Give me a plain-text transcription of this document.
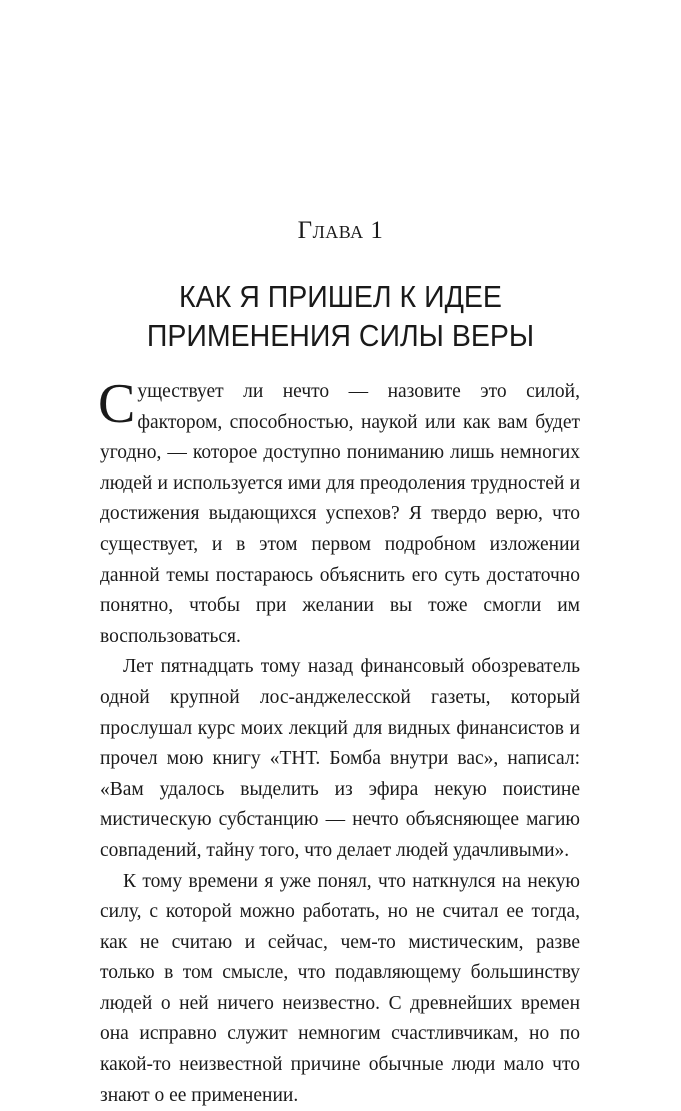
Глава 1
КАК Я ПРИШЕЛ К ИДЕЕ
ПРИМЕНЕНИЯ СИЛЫ ВЕРЫ

Существует ли нечто — назовите это силой, фактором, способностью, наукой или как вам будет угодно, — которое доступно пониманию лишь немногих людей и используется ими для преодоления трудностей и достижения выдающихся успехов? Я твердо верю, что существует, и в этом первом подробном изложении данной темы постараюсь объяснить его суть достаточно понятно, чтобы при желании вы тоже смогли им воспользоваться.

Лет пятнадцать тому назад финансовый обозреватель одной крупной лос-анджелесской газеты, который прослушал курс моих лекций для видных финансистов и прочел мою книгу «ТНТ. Бомба внутри вас», написал: «Вам удалось выделить из эфира некую поистине мистическую субстанцию — нечто объясняющее магию совпадений, тайну того, что делает людей удачливыми».

К тому времени я уже понял, что наткнулся на некую силу, с которой можно работать, но не считал ее тогда, как не считаю и сейчас, чем-то мистическим, разве только в том смысле, что подавляющему большинству людей о ней ничего неизвестно. С древнейших времен она исправно служит немногим счастливчикам, но по какой-то неизвестной причине обычные люди мало что знают о ее применении.
